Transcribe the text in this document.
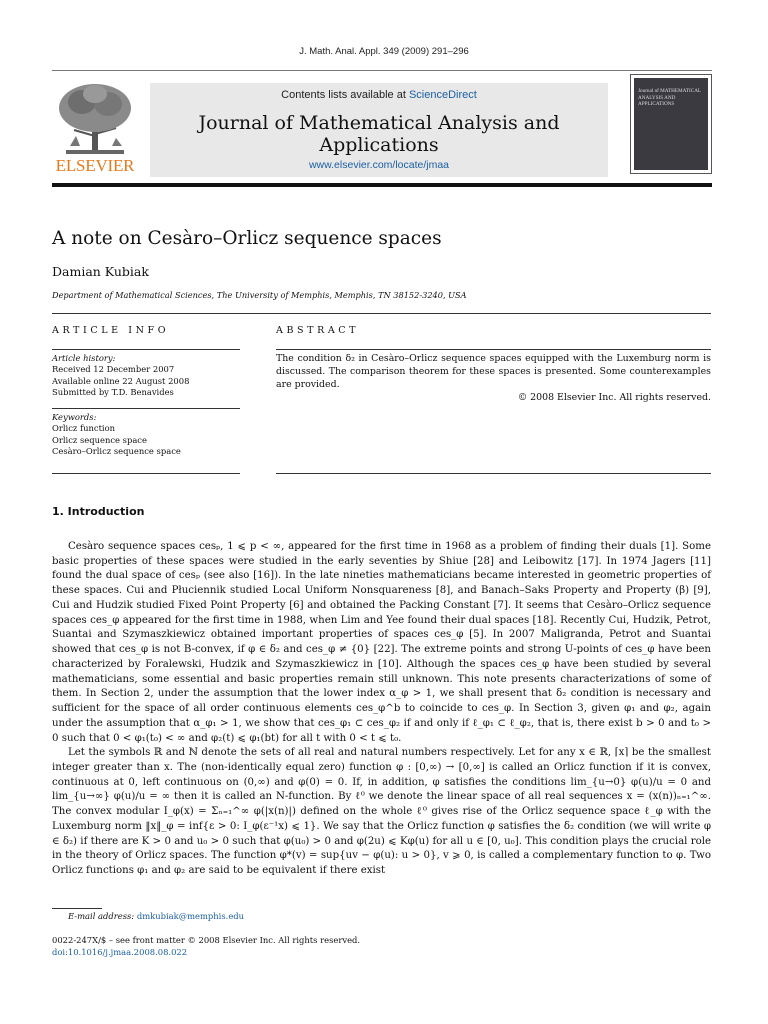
J. Math. Anal. Appl. 349 (2009) 291–296
ELSEVIER
Contents lists available at ScienceDirect
Journal of Mathematical Analysis and Applications
www.elsevier.com/locate/jmaa
Journal of MATHEMATICAL ANALYSIS AND APPLICATIONS
A note on Cesàro–Orlicz sequence spaces
Damian Kubiak
Department of Mathematical Sciences, The University of Memphis, Memphis, TN 38152-3240, USA
ARTICLE INFO	ABSTRACT
Article history:
Received 12 December 2007
Available online 22 August 2008
Submitted by T.D. Benavides
Keywords:
Orlicz function
Orlicz sequence space
Cesàro–Orlicz sequence space
The condition δ₂ in Cesàro–Orlicz sequence spaces equipped with the Luxemburg norm is discussed. The comparison theorem for these spaces is presented. Some counterexamples are provided.
© 2008 Elsevier Inc. All rights reserved.
1. Introduction

Cesàro sequence spaces cesₚ, 1 ⩽ p < ∞, appeared for the first time in 1968 as a problem of finding their duals [1]. Some basic properties of these spaces were studied in the early seventies by Shiue [28] and Leibowitz [17]. In 1974 Jagers [11] found the dual space of cesₚ (see also [16]). In the late nineties mathematicians became interested in geometric properties of these spaces. Cui and Płuciennik studied Local Uniform Nonsquareness [8], and Banach–Saks Property and Property (β) [9], Cui and Hudzik studied Fixed Point Property [6] and obtained the Packing Constant [7]. It seems that Cesàro–Orlicz sequence spaces ces_φ appeared for the first time in 1988, when Lim and Yee found their dual spaces [18]. Recently Cui, Hudzik, Petrot, Suantai and Szymaszkiewicz obtained important properties of spaces ces_φ [5]. In 2007 Maligranda, Petrot and Suantai showed that ces_φ is not B-convex, if φ ∈ δ₂ and ces_φ ≠ {0} [22]. The extreme points and strong U-points of ces_φ have been characterized by Foralewski, Hudzik and Szymaszkiewicz in [10]. Although the spaces ces_φ have been studied by several mathematicians, some essential and basic properties remain still unknown. This note presents characterizations of some of them. In Section 2, under the assumption that the lower index α_φ > 1, we shall present that δ₂ condition is necessary and sufficient for the space of all order continuous elements ces_φ^b to coincide to ces_φ. In Section 3, given φ₁ and φ₂, again under the assumption that α_φ₁ > 1, we show that ces_φ₁ ⊂ ces_φ₂ if and only if ℓ_φ₁ ⊂ ℓ_φ₂, that is, there exist b > 0 and t₀ > 0 such that 0 < φ₁(t₀) < ∞ and φ₂(t) ⩽ φ₁(bt) for all t with 0 < t ⩽ t₀.

Let the symbols ℝ and ℕ denote the sets of all real and natural numbers respectively. Let for any x ∈ ℝ, ⌈x⌉ be the smallest integer greater than x. The (non-identically equal zero) function φ : [0,∞) → [0,∞] is called an Orlicz function if it is convex, continuous at 0, left continuous on (0,∞) and φ(0) = 0. If, in addition, φ satisfies the conditions lim_{u→0} φ(u)/u = 0 and lim_{u→∞} φ(u)/u = ∞ then it is called an N-function. By ℓ⁰ we denote the linear space of all real sequences x = (x(n))ₙ₌₁^∞. The convex modular I_φ(x) = Σₙ₌₁^∞ φ(|x(n)|) defined on the whole ℓ⁰ gives rise of the Orlicz sequence space ℓ_φ with the Luxemburg norm ‖x‖_φ = inf{ε > 0: I_φ(ε⁻¹x) ⩽ 1}. We say that the Orlicz function φ satisfies the δ₂ condition (we will write φ ∈ δ₂) if there are K > 0 and u₀ > 0 such that φ(u₀) > 0 and φ(2u) ⩽ Kφ(u) for all u ∈ [0, u₀]. This condition plays the crucial role in the theory of Orlicz spaces. The function φ*(v) = sup{uv − φ(u): u > 0}, v ⩾ 0, is called a complementary function to φ. Two Orlicz functions φ₁ and φ₂ are said to be equivalent if there exist

E-mail address: dmkubiak@memphis.edu
0022-247X/$ – see front matter © 2008 Elsevier Inc. All rights reserved.
doi:10.1016/j.jmaa.2008.08.022
